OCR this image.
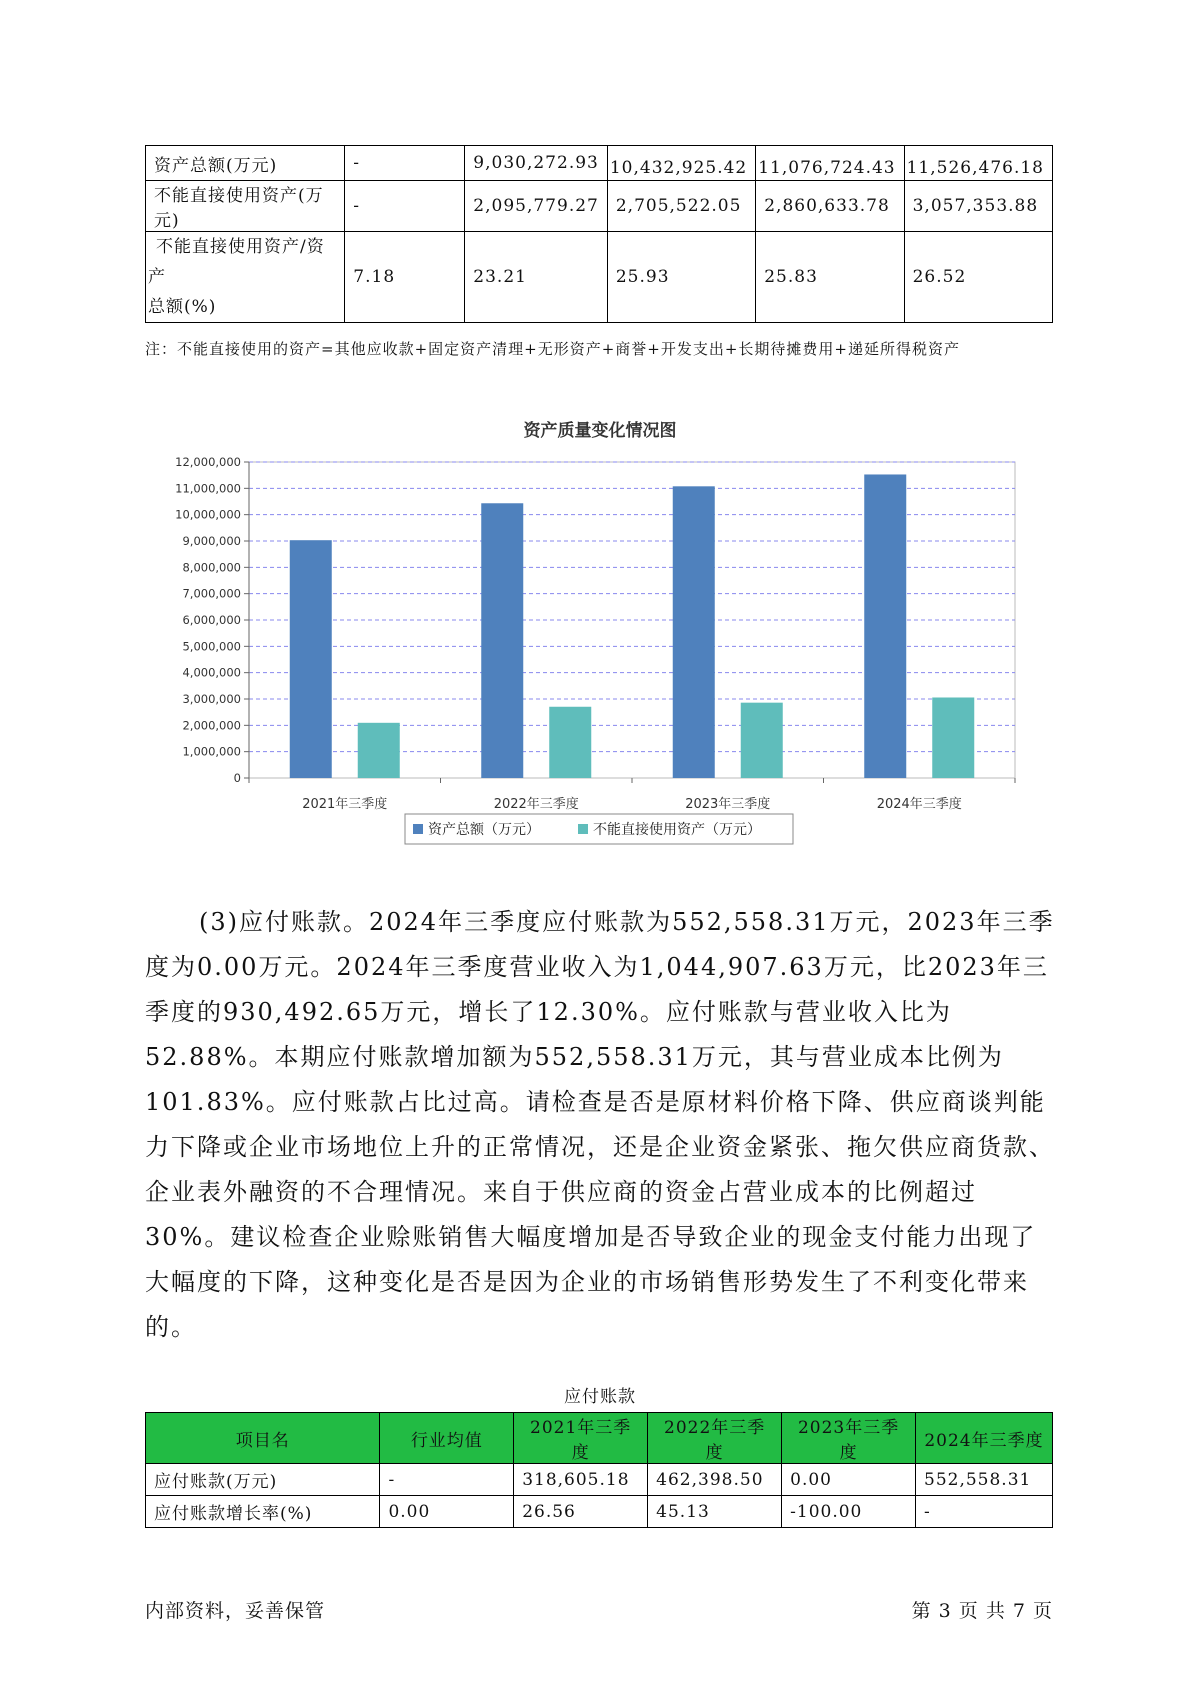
资产总额(万元)	-	9,030,272.93	10,432,925.42	11,076,724.43	11,526,476.18
不能直接使用资产(万元)	-	2,095,779.27	2,705,522.05	2,860,633.78	3,057,353.88
不能直接使用资产/资产
总额(%)	7.18	23.21	25.93	25.83	26.52
注：不能直接使用的资产=其他应收款+固定资产清理+无形资产+商誉+开发支出+长期待摊费用+递延所得税资产
资产质量变化情况图
0
1,000,000
2,000,000
3,000,000
4,000,000
5,000,000
6,000,000
7,000,000
8,000,000
9,000,000
10,000,000
11,000,000
12,000,000
2021年三季度	2022年三季度	2023年三季度	2024年三季度
资产总额（万元）	不能直接使用资产（万元）

(3)应付账款。2024年三季度应付账款为552,558.31万元，2023年三季度为0.00万元。2024年三季度营业收入为1,044,907.63万元，比2023年三季度的930,492.65万元，增长了12.30%。应付账款与营业收入比为52.88%。本期应付账款增加额为552,558.31万元，其与营业成本比例为101.83%。应付账款占比过高。请检查是否是原材料价格下降、供应商谈判能力下降或企业市场地位上升的正常情况，还是企业资金紧张、拖欠供应商货款、企业表外融资的不合理情况。来自于供应商的资金占营业成本的比例超过30%。建议检查企业赊账销售大幅度增加是否导致企业的现金支付能力出现了大幅度的下降，这种变化是否是因为企业的市场销售形势发生了不利变化带来的。

应付账款
项目名	行业均值	2021年三季度	2022年三季度	2023年三季度	2024年三季度
应付账款(万元)	-	318,605.18	462,398.50	0.00	552,558.31
应付账款增长率(%)	0.00	26.56	45.13	-100.00	-
内部资料，妥善保管	第 3 页 共 7 页
